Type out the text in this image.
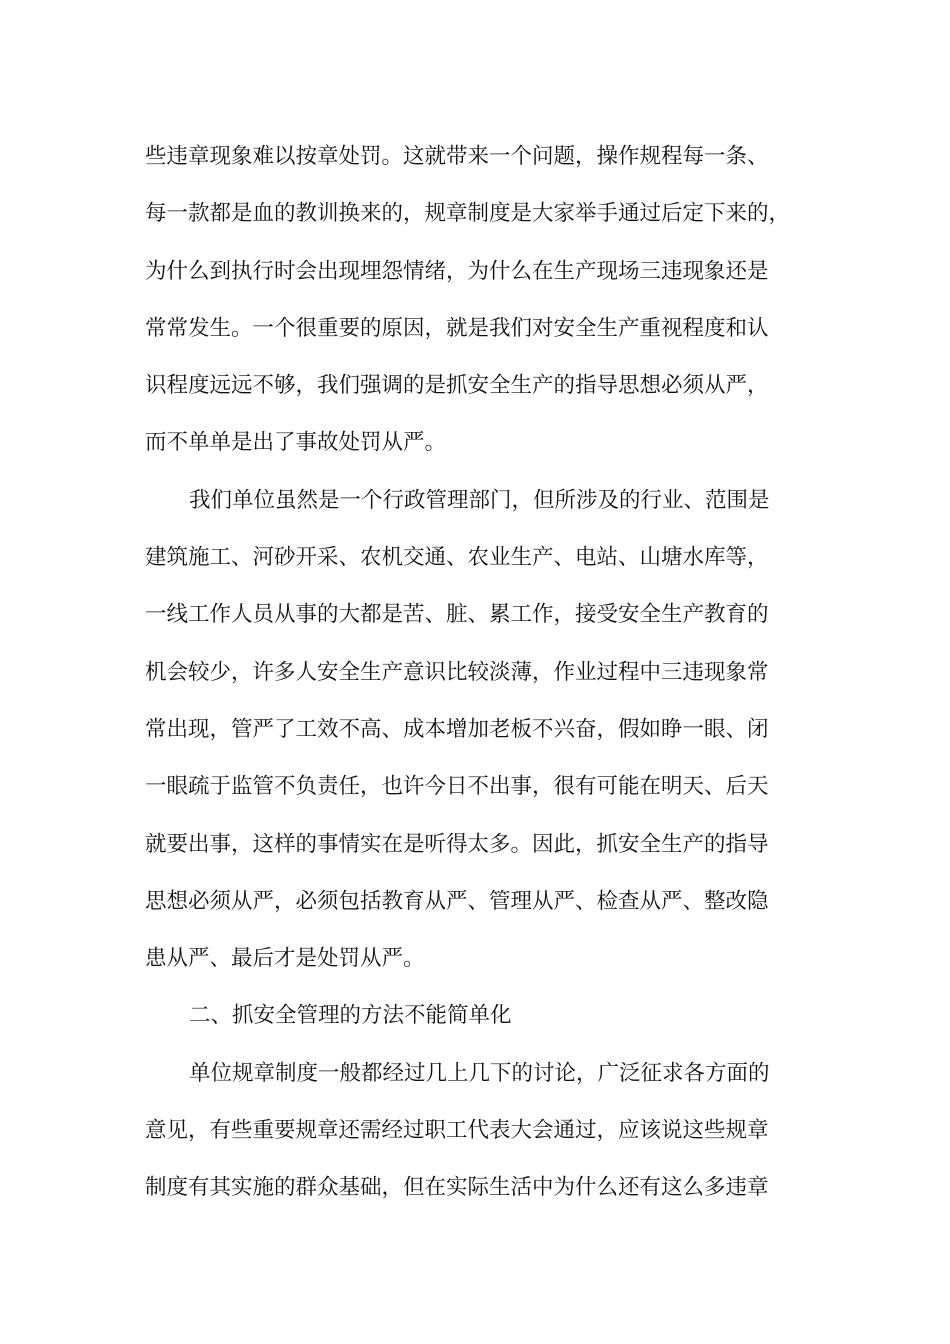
些违章现象难以按章处罚。这就带来一个问题，操作规程每一条、
每一款都是血的教训换来的，规章制度是大家举手通过后定下来的，
为什么到执行时会出现埋怨情绪，为什么在生产现场三违现象还是
常常发生。一个很重要的原因，就是我们对安全生产重视程度和认
识程度远远不够，我们强调的是抓安全生产的指导思想必须从严，
而不单单是出了事故处罚从严。
我们单位虽然是一个行政管理部门，但所涉及的行业、范围是
建筑施工、河砂开采、农机交通、农业生产、电站、山塘水库等，
一线工作人员从事的大都是苦、脏、累工作，接受安全生产教育的
机会较少，许多人安全生产意识比较淡薄，作业过程中三违现象常
常出现，管严了工效不高、成本增加老板不兴奋，假如睁一眼、闭
一眼疏于监管不负责任，也许今日不出事，很有可能在明天、后天
就要出事，这样的事情实在是听得太多。因此，抓安全生产的指导
思想必须从严，必须包括教育从严、管理从严、检查从严、整改隐
患从严、最后才是处罚从严。
二、抓安全管理的方法不能简单化
单位规章制度一般都经过几上几下的讨论，广泛征求各方面的
意见，有些重要规章还需经过职工代表大会通过，应该说这些规章
制度有其实施的群众基础，但在实际生活中为什么还有这么多违章
